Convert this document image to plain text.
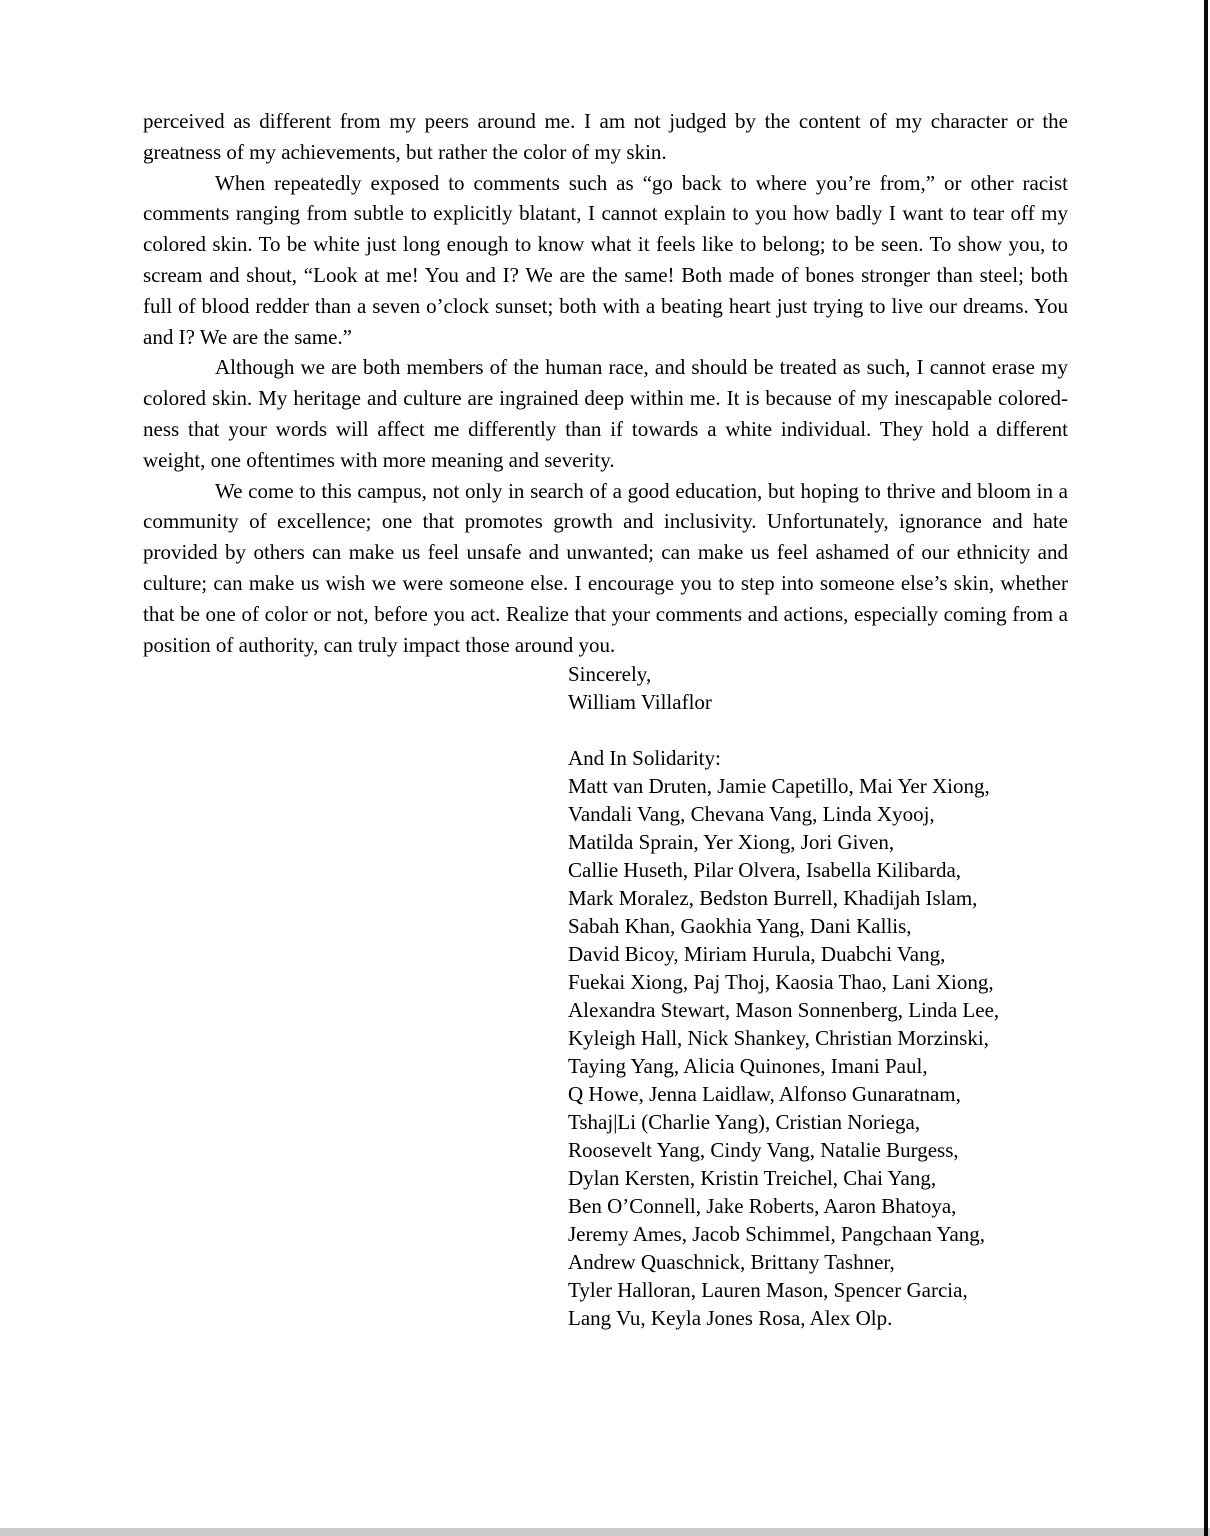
perceived as different from my peers around me. I am not judged by the content of my character or the greatness of my achievements, but rather the color of my skin.

When repeatedly exposed to comments such as “go back to where you’re from,” or other racist comments ranging from subtle to explicitly blatant, I cannot explain to you how badly I want to tear off my colored skin. To be white just long enough to know what it feels like to belong; to be seen. To show you, to scream and shout, “Look at me! You and I? We are the same! Both made of bones stronger than steel; both full of blood redder than a seven o’clock sunset; both with a beating heart just trying to live our dreams. You and I? We are the same.”

Although we are both members of the human race, and should be treated as such, I cannot erase my colored skin. My heritage and culture are ingrained deep within me. It is because of my inescapable colored-ness that your words will affect me differently than if towards a white individual. They hold a different weight, one oftentimes with more meaning and severity.

We come to this campus, not only in search of a good education, but hoping to thrive and bloom in a community of excellence; one that promotes growth and inclusivity. Unfortunately, ignorance and hate provided by others can make us feel unsafe and unwanted; can make us feel ashamed of our ethnicity and culture; can make us wish we were someone else. I encourage you to step into someone else’s skin, whether that be one of color or not, before you act. Realize that your comments and actions, especially coming from a position of authority, can truly impact those around you.

Sincerely,
William Villaflor
And In Solidarity:
Matt van Druten, Jamie Capetillo, Mai Yer Xiong,
Vandali Vang, Chevana Vang, Linda Xyooj,
Matilda Sprain, Yer Xiong, Jori Given,
Callie Huseth, Pilar Olvera, Isabella Kilibarda,
Mark Moralez, Bedston Burrell, Khadijah Islam,
Sabah Khan, Gaokhia Yang, Dani Kallis,
David Bicoy, Miriam Hurula, Duabchi Vang,
Fuekai Xiong, Paj Thoj, Kaosia Thao, Lani Xiong,
Alexandra Stewart, Mason Sonnenberg, Linda Lee,
Kyleigh Hall, Nick Shankey, Christian Morzinski,
Taying Yang, Alicia Quinones, Imani Paul,
Q Howe, Jenna Laidlaw, Alfonso Gunaratnam,
Tshaj|Li (Charlie Yang), Cristian Noriega,
Roosevelt Yang, Cindy Vang, Natalie Burgess,
Dylan Kersten, Kristin Treichel, Chai Yang,
Ben O’Connell, Jake Roberts, Aaron Bhatoya,
Jeremy Ames, Jacob Schimmel, Pangchaan Yang,
Andrew Quaschnick, Brittany Tashner,
Tyler Halloran, Lauren Mason, Spencer Garcia,
Lang Vu, Keyla Jones Rosa, Alex Olp.
